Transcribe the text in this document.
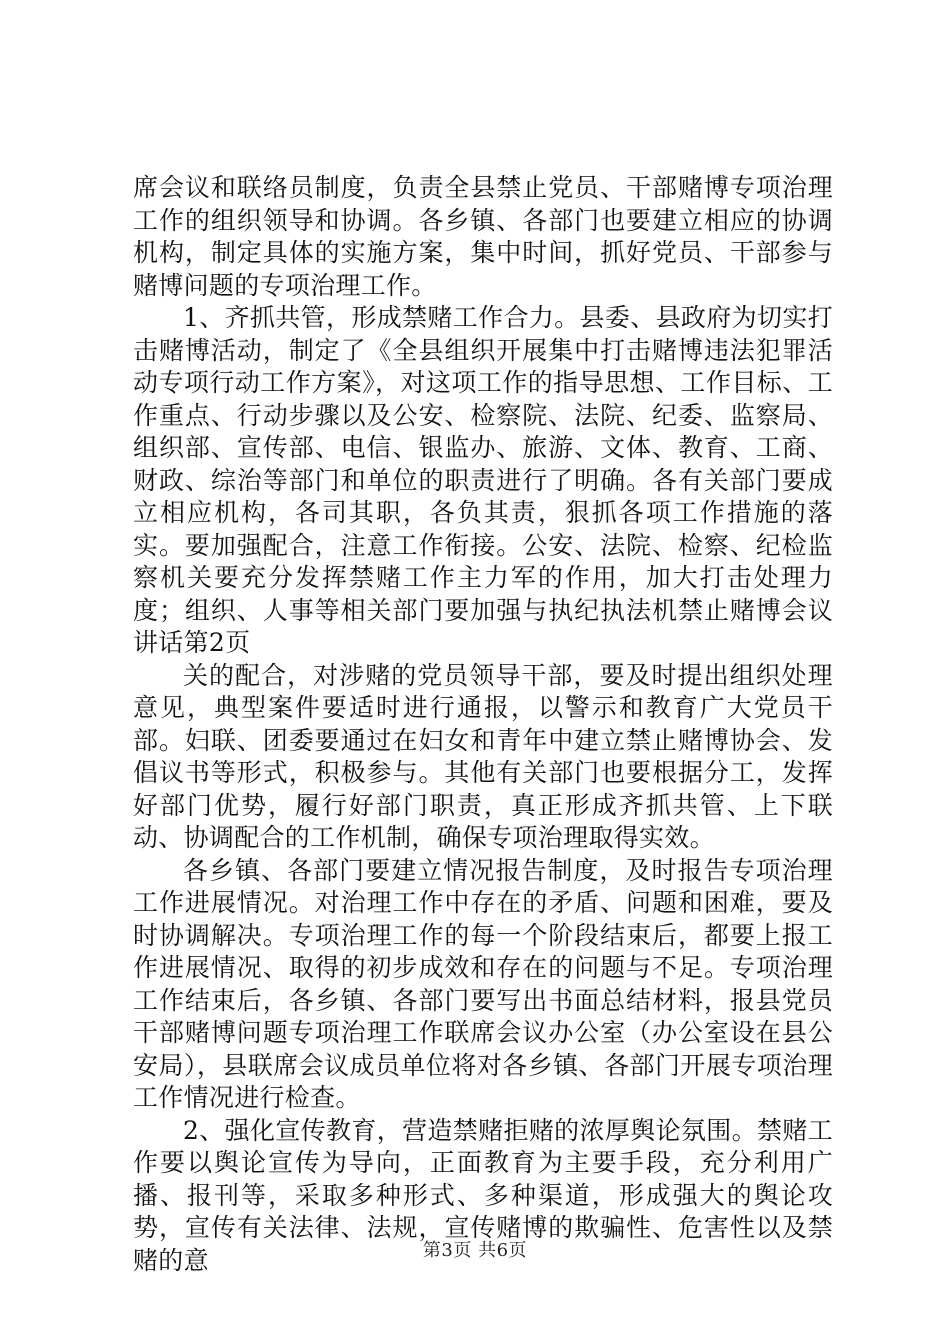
席会议和联络员制度，负责全县禁止党员、干部赌博专项治理工作的组织领导和协调。各乡镇、各部门也要建立相应的协调机构，制定具体的实施方案，集中时间，抓好党员、干部参与赌博问题的专项治理工作。

1、齐抓共管，形成禁赌工作合力。县委、县政府为切实打击赌博活动，制定了《全县组织开展集中打击赌博违法犯罪活动专项行动工作方案》，对这项工作的指导思想、工作目标、工作重点、行动步骤以及公安、检察院、法院、纪委、监察局、组织部、宣传部、电信、银监办、旅游、文体、教育、工商、财政、综治等部门和单位的职责进行了明确。各有关部门要成立相应机构，各司其职，各负其责，狠抓各项工作措施的落实。要加强配合，注意工作衔接。公安、法院、检察、纪检监察机关要充分发挥禁赌工作主力军的作用，加大打击处理力度；组织、人事等相关部门要加强与执纪执法机禁止赌博会议讲话第2页

关的配合，对涉赌的党员领导干部，要及时提出组织处理意见，典型案件要适时进行通报，以警示和教育广大党员干部。妇联、团委要通过在妇女和青年中建立禁止赌博协会、发倡议书等形式，积极参与。其他有关部门也要根据分工，发挥好部门优势，履行好部门职责，真正形成齐抓共管、上下联动、协调配合的工作机制，确保专项治理取得实效。

各乡镇、各部门要建立情况报告制度，及时报告专项治理工作进展情况。对治理工作中存在的矛盾、问题和困难，要及时协调解决。专项治理工作的每一个阶段结束后，都要上报工作进展情况、取得的初步成效和存在的问题与不足。专项治理工作结束后，各乡镇、各部门要写出书面总结材料，报县党员干部赌博问题专项治理工作联席会议办公室（办公室设在县公安局），县联席会议成员单位将对各乡镇、各部门开展专项治理工作情况进行检查。

2、强化宣传教育，营造禁赌拒赌的浓厚舆论氛围。禁赌工作要以舆论宣传为导向，正面教育为主要手段，充分利用广播、报刊等，采取多种形式、多种渠道，形成强大的舆论攻势，宣传有关法律、法规，宣传赌博的欺骗性、危害性以及禁赌的意	第3页 共6页
